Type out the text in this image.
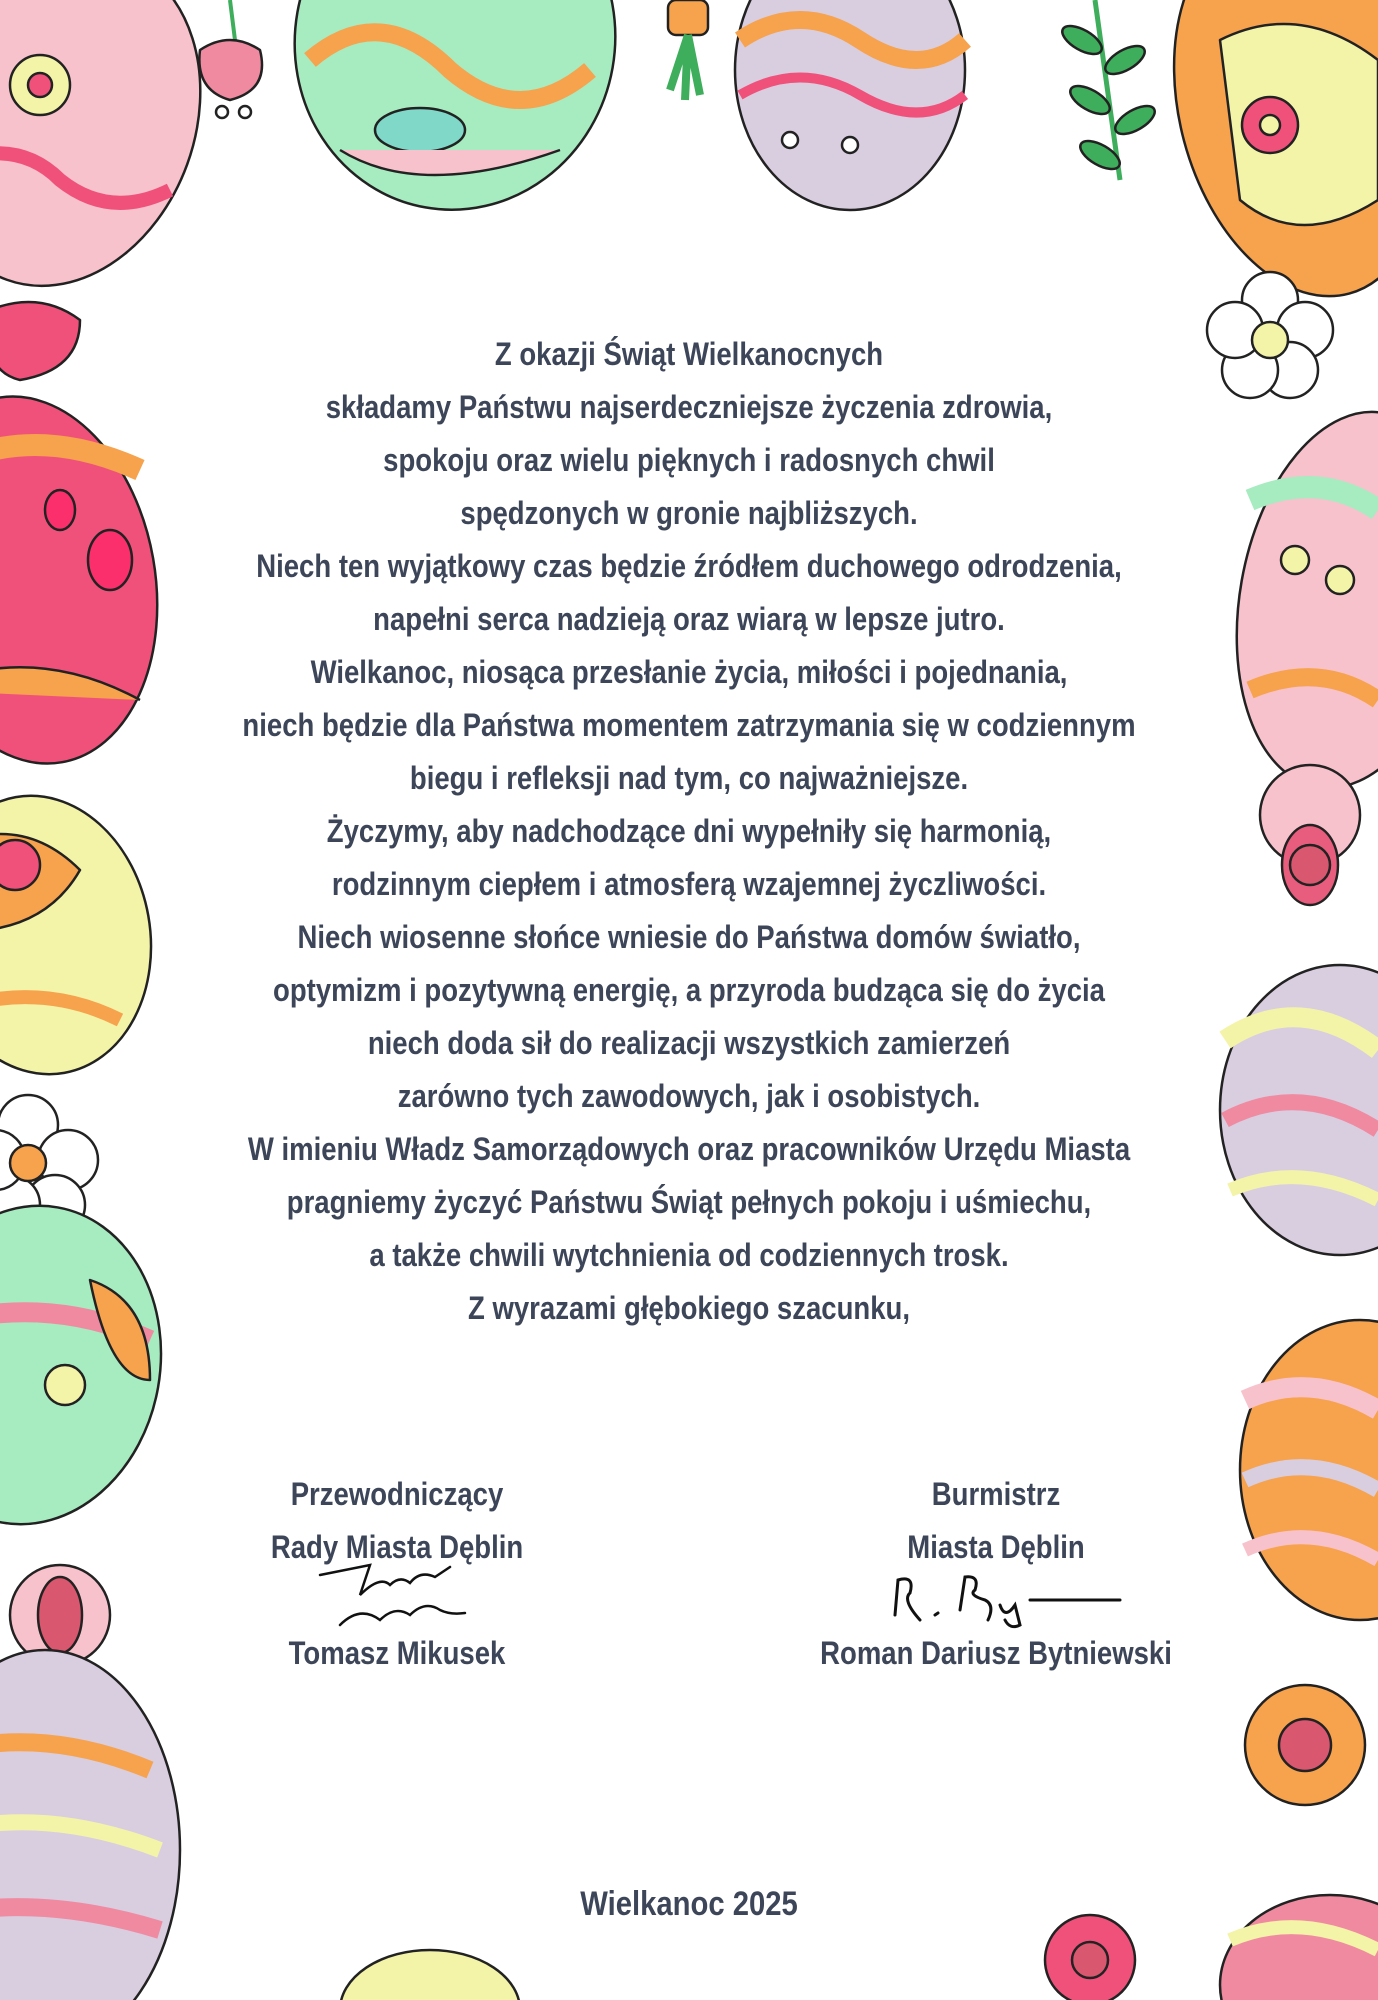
Z okazji Świąt Wielkanocnych
składamy Państwu najserdeczniejsze życzenia zdrowia,
spokoju oraz wielu pięknych i radosnych chwil
spędzonych w gronie najbliższych.
Niech ten wyjątkowy czas będzie źródłem duchowego odrodzenia,
napełni serca nadzieją oraz wiarą w lepsze jutro.
Wielkanoc, niosąca przesłanie życia, miłości i pojednania,
niech będzie dla Państwa momentem zatrzymania się w codziennym
biegu i refleksji nad tym, co najważniejsze.
Życzymy, aby nadchodzące dni wypełniły się harmonią,
rodzinnym ciepłem i atmosferą wzajemnej życzliwości.
Niech wiosenne słońce wniesie do Państwa domów światło,
optymizm i pozytywną energię, a przyroda budząca się do życia
niech doda sił do realizacji wszystkich zamierzeń
zarówno tych zawodowych, jak i osobistych.
W imieniu Władz Samorządowych oraz pracowników Urzędu Miasta
pragniemy życzyć Państwu Świąt pełnych pokoju i uśmiechu,
a także chwili wytchnienia od codziennych trosk.
Z wyrazami głębokiego szacunku,
Przewodniczący
Rady Miasta Dęblin
Tomasz Mikusek
Burmistrz
Miasta Dęblin
Roman Dariusz Bytniewski
Wielkanoc 2025
